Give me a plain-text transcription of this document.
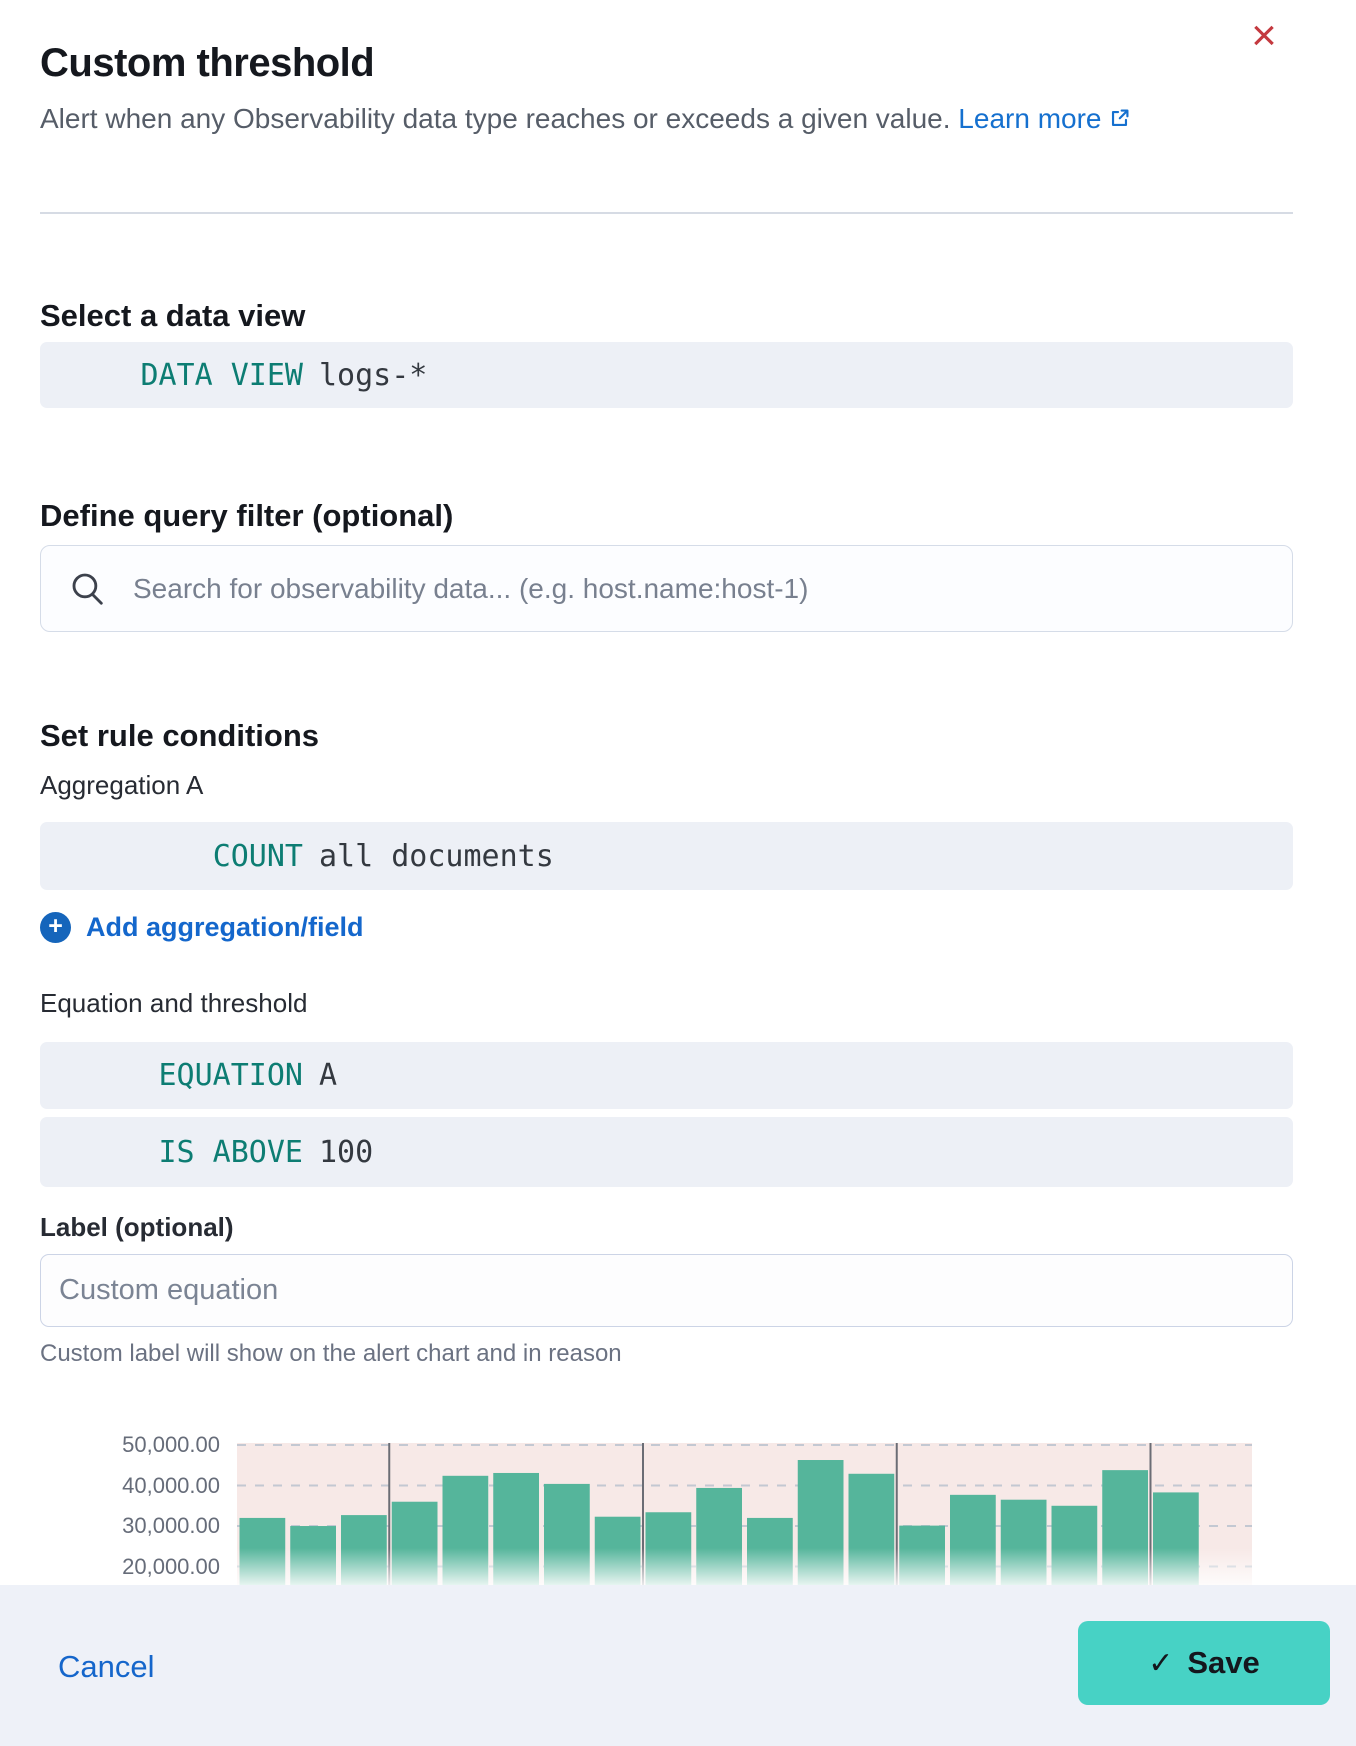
Custom threshold
×

Alert when any Observability data type reaches or exceeds a given value. Learn more

Select a data view
DATA VIEW logs-*
Define query filter (optional)
Search for observability data... (e.g. host.name:host-1)
Set rule conditions
Aggregation A
COUNT all documents
+ Add aggregation/field
Equation and threshold
EQUATION A
IS ABOVE 100
Label (optional)
Custom equation
Custom label will show on the alert chart and in reason
50,000.00
40,000.00
30,000.00
20,000.00
Cancel	✓ Save
